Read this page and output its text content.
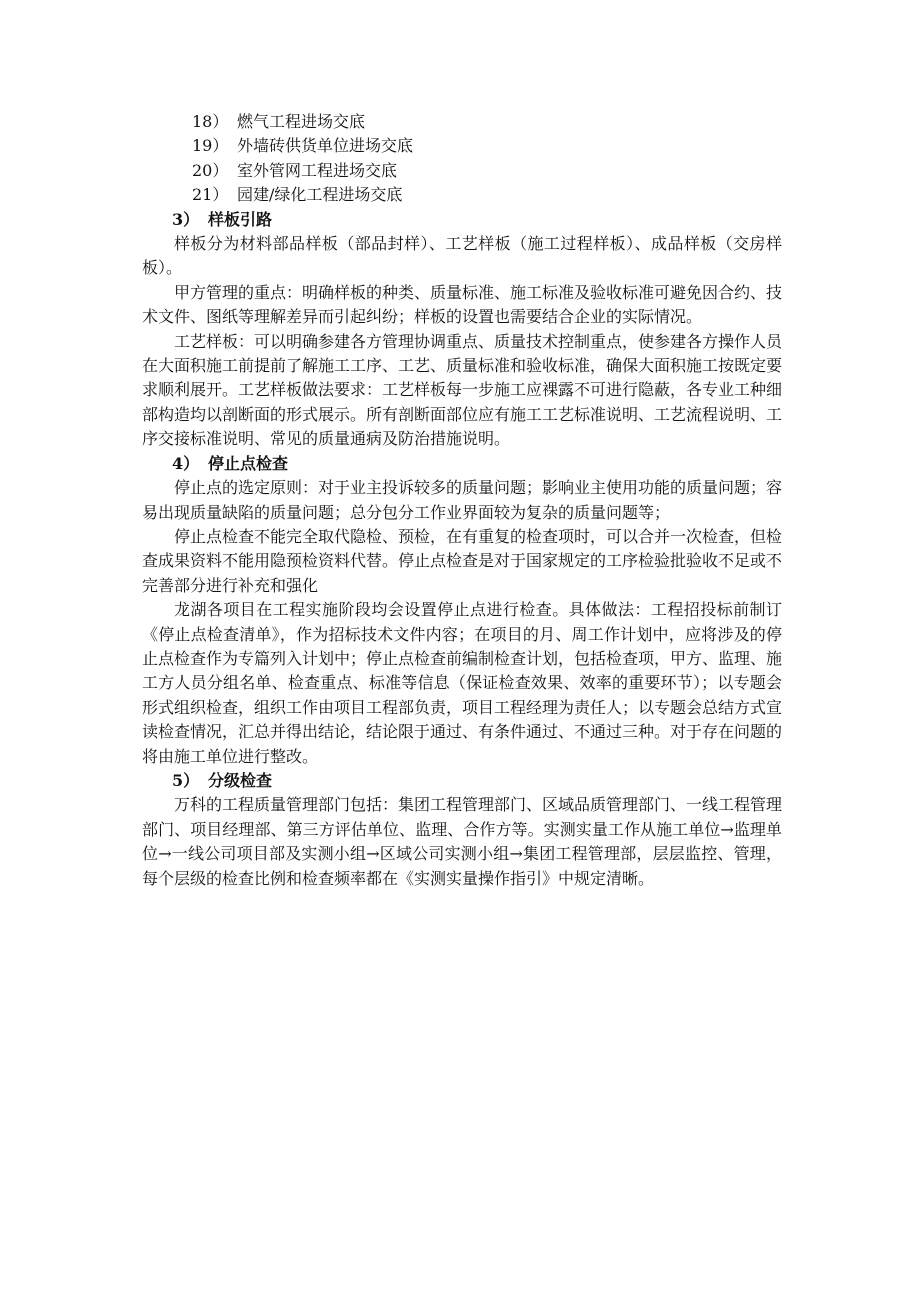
18） 燃气工程进场交底
19） 外墙砖供货单位进场交底
20） 室外管网工程进场交底
21） 园建/绿化工程进场交底
3） 样板引路

样板分为材料部品样板（部品封样）、工艺样板（施工过程样板）、成品样板（交房样板）。

甲方管理的重点：明确样板的种类、质量标准、施工标准及验收标准可避免因合约、技术文件、图纸等理解差异而引起纠纷；样板的设置也需要结合企业的实际情况。

工艺样板：可以明确参建各方管理协调重点、质量技术控制重点，使参建各方操作人员在大面积施工前提前了解施工工序、工艺、质量标准和验收标准，确保大面积施工按既定要求顺利展开。工艺样板做法要求：工艺样板每一步施工应裸露不可进行隐蔽，各专业工种细部构造均以剖断面的形式展示。所有剖断面部位应有施工工艺标准说明、工艺流程说明、工序交接标准说明、常见的质量通病及防治措施说明。

4） 停止点检查

停止点的选定原则：对于业主投诉较多的质量问题；影响业主使用功能的质量问题；容易出现质量缺陷的质量问题；总分包分工作业界面较为复杂的质量问题等；

停止点检查不能完全取代隐检、预检，在有重复的检查项时，可以合并一次检查，但检查成果资料不能用隐预检资料代替。停止点检查是对于国家规定的工序检验批验收不足或不完善部分进行补充和强化

龙湖各项目在工程实施阶段均会设置停止点进行检查。具体做法：工程招投标前制订《停止点检查清单》，作为招标技术文件内容；在项目的月、周工作计划中，应将涉及的停止点检查作为专篇列入计划中；停止点检查前编制检查计划，包括检查项，甲方、监理、施工方人员分组名单、检查重点、标准等信息（保证检查效果、效率的重要环节）；以专题会形式组织检查，组织工作由项目工程部负责，项目工程经理为责任人；以专题会总结方式宣读检查情况，汇总并得出结论，结论限于通过、有条件通过、不通过三种。对于存在问题的将由施工单位进行整改。

5） 分级检查

万科的工程质量管理部门包括：集团工程管理部门、区域品质管理部门、一线工程管理部门、项目经理部、第三方评估单位、监理、合作方等。实测实量工作从施工单位→监理单位→一线公司项目部及实测小组→区域公司实测小组→集团工程管理部，层层监控、管理，每个层级的检查比例和检查频率都在《实测实量操作指引》中规定清晰。
